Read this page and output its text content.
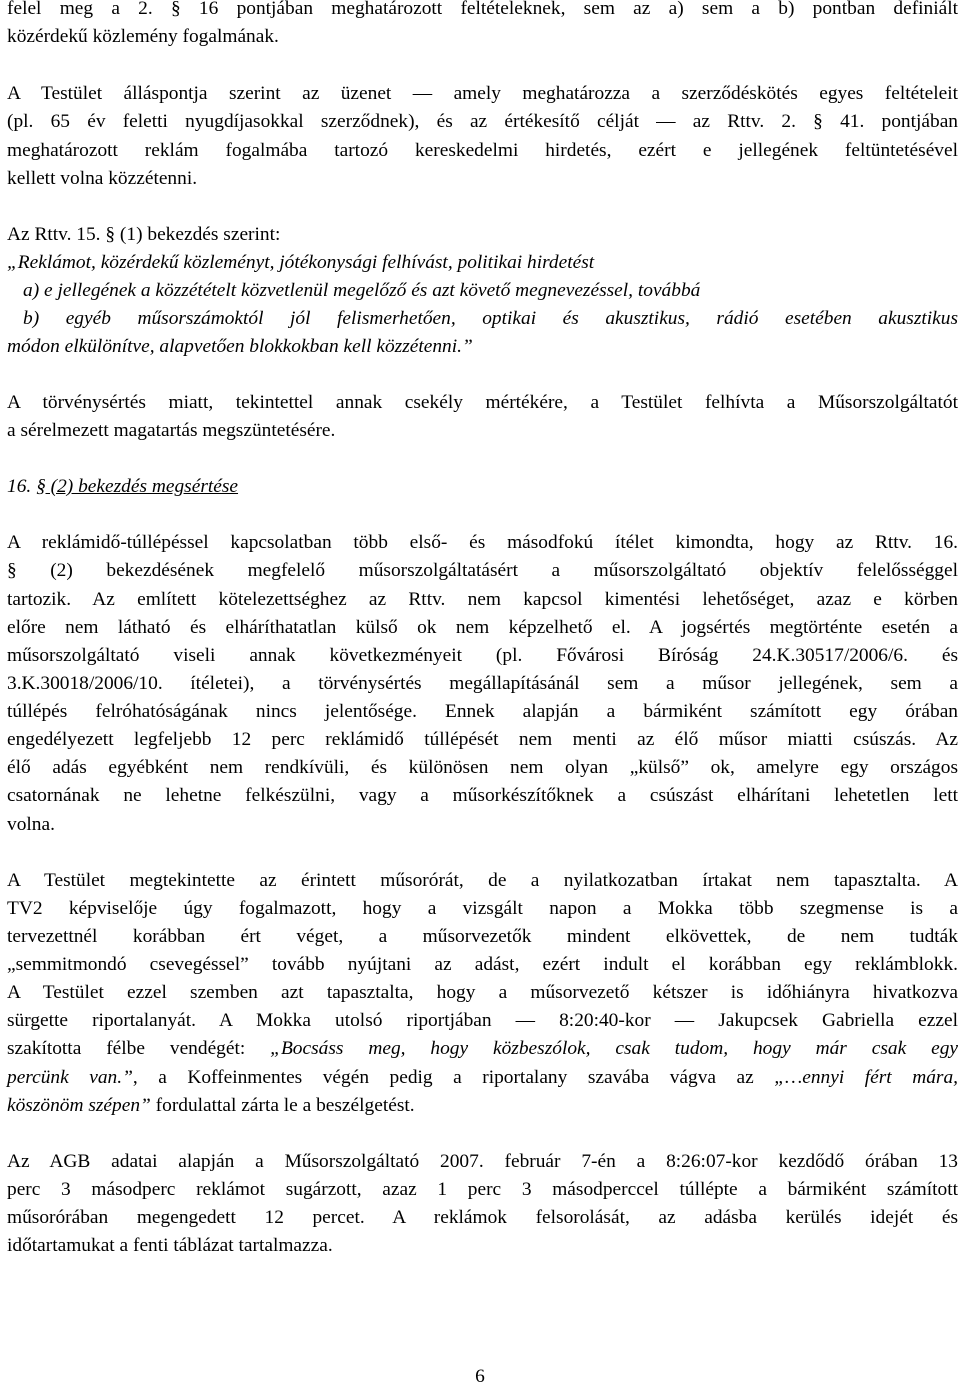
felel meg a 2. § 16 pontjában meghatározott feltételeknek, sem az a) sem a b) pontban definiált
közérdekű közlemény fogalmának.
A Testület álláspontja szerint az üzenet — amely meghatározza a szerződéskötés egyes feltételeit
(pl. 65 év feletti nyugdíjasokkal szerződnek), és az értékesítő célját — az Rttv. 2. § 41. pontjában
meghatározott reklám fogalmába tartozó kereskedelmi hirdetés, ezért e jellegének feltüntetésével
kellett volna közzétenni.
Az Rttv. 15. § (1) bekezdés szerint:
„Reklámot, közérdekű közleményt, jótékonysági felhívást, politikai hirdetést
a) e jellegének a közzétételt közvetlenül megelőző és azt követő megnevezéssel, továbbá
b) egyéb műsorszámoktól jól felismerhetően, optikai és akusztikus, rádió esetében akusztikus
módon elkülönítve, alapvetően blokkokban kell közzétenni.”
A törvénysértés miatt, tekintettel annak csekély mértékére, a Testület felhívta a Műsorszolgáltatót
a sérelmezett magatartás megszüntetésére.
16. § (2) bekezdés megsértése
A reklámidő-túllépéssel kapcsolatban több első- és másodfokú ítélet kimondta, hogy az Rttv. 16.
§ (2) bekezdésének megfelelő műsorszolgáltatásért a műsorszolgáltató objektív felelősséggel
tartozik. Az említett kötelezettséghez az Rttv. nem kapcsol kimentési lehetőséget, azaz e körben
előre nem látható és elháríthatatlan külső ok nem képzelhető el. A jogsértés megtörténte esetén a
műsorszolgáltató viseli annak következményeit (pl. Fővárosi Bíróság 24.K.30517/2006/6. és
3.K.30018/2006/10. ítéletei), a törvénysértés megállapításánál sem a műsor jellegének, sem a
túllépés felróhatóságának nincs jelentősége. Ennek alapján a bármiként számított egy órában
engedélyezett legfeljebb 12 perc reklámidő túllépését nem menti az élő műsor miatti csúszás. Az
élő adás egyébként nem rendkívüli, és különösen nem olyan „külső” ok, amelyre egy országos
csatornának ne lehetne felkészülni, vagy a műsorkészítőknek a csúszást elhárítani lehetetlen lett
volna.
A Testület megtekintette az érintett műsorórát, de a nyilatkozatban írtakat nem tapasztalta. A
TV2 képviselője úgy fogalmazott, hogy a vizsgált napon a Mokka több szegmense is a
tervezettnél korábban ért véget, a műsorvezetők mindent elkövettek, de nem tudták
„semmitmondó csevegéssel” tovább nyújtani az adást, ezért indult el korábban egy reklámblokk.
A Testület ezzel szemben azt tapasztalta, hogy a műsorvezető kétszer is időhiányra hivatkozva
sürgette riportalanyát. A Mokka utolsó riportjában — 8:20:40-kor — Jakupcsek Gabriella ezzel
szakította félbe vendégét: „Bocsáss meg, hogy közbeszólok, csak tudom, hogy már csak egy
percünk van.”, a Koffeinmentes végén pedig a riportalany szavába vágva az „…ennyi fért mára,
köszönöm szépen” fordulattal zárta le a beszélgetést.
Az AGB adatai alapján a Műsorszolgáltató 2007. február 7-én a 8:26:07-kor kezdődő órában 13
perc 3 másodperc reklámot sugárzott, azaz 1 perc 3 másodperccel túllépte a bármiként számított
műsorórában megengedett 12 percet. A reklámok felsorolását, az adásba kerülés idejét és
időtartamukat a fenti táblázat tartalmazza.
6
